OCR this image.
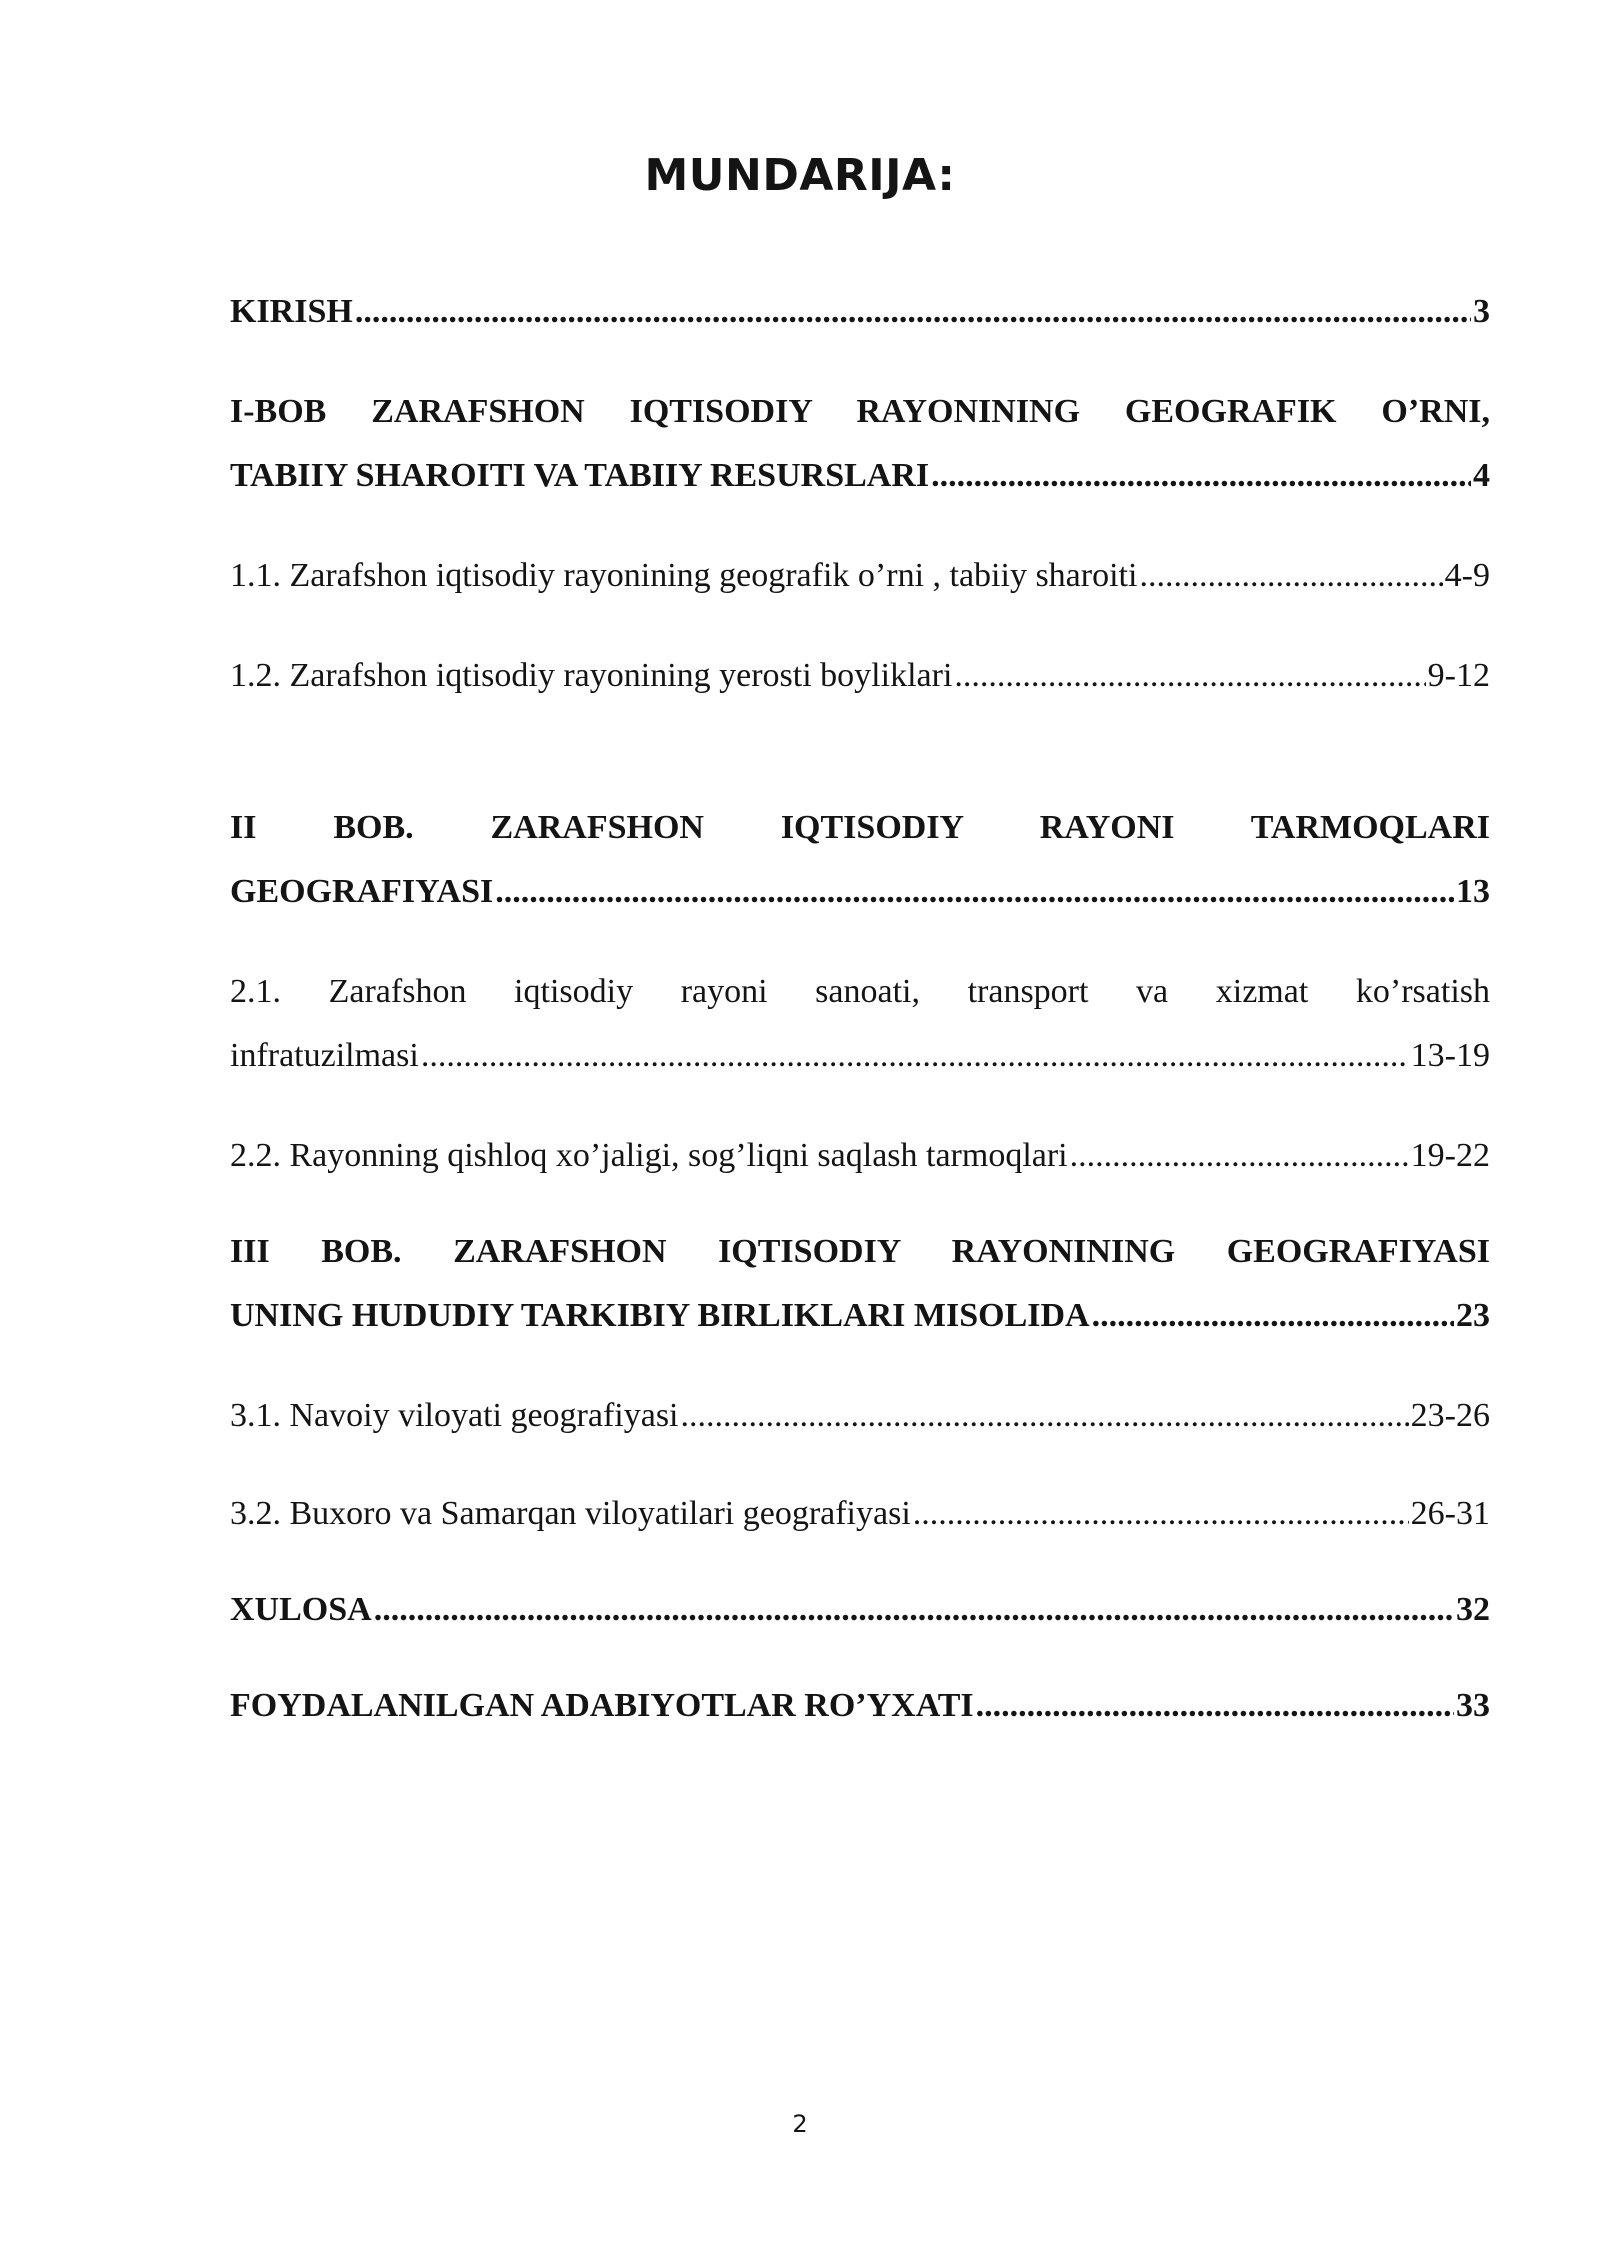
MUNDARIJA:
KIRISH .....	3
I-BOB ZARAFSHON IQTISODIY RAYONINING GEOGRAFIK O’RNI,
TABIIY SHAROITI VA TABIIY RESURSLARI .....	4
1.1. Zarafshon iqtisodiy rayonining geografik o’rni , tabiiy sharoiti .....	4-9
1.2. Zarafshon iqtisodiy rayonining yerosti boyliklari .....	9-12
II BOB. ZARAFSHON IQTISODIY RAYONI TARMOQLARI
GEOGRAFIYASI .....	13
2.1. Zarafshon iqtisodiy rayoni sanoati, transport va xizmat ko’rsatish
infratuzilmasi .....	13-19
2.2. Rayonning qishloq xo’jaligi, sog’liqni saqlash tarmoqlari .....	19-22
III BOB. ZARAFSHON IQTISODIY RAYONINING GEOGRAFIYASI
UNING HUDUDIY TARKIBIY BIRLIKLARI MISOLIDA .....	23
3.1. Navoiy viloyati geografiyasi .....	23-26
3.2. Buxoro va Samarqan viloyatilari geografiyasi .....	26-31
XULOSA .....	32
FOYDALANILGAN ADABIYOTLAR RO’YXATI .....	33
2
